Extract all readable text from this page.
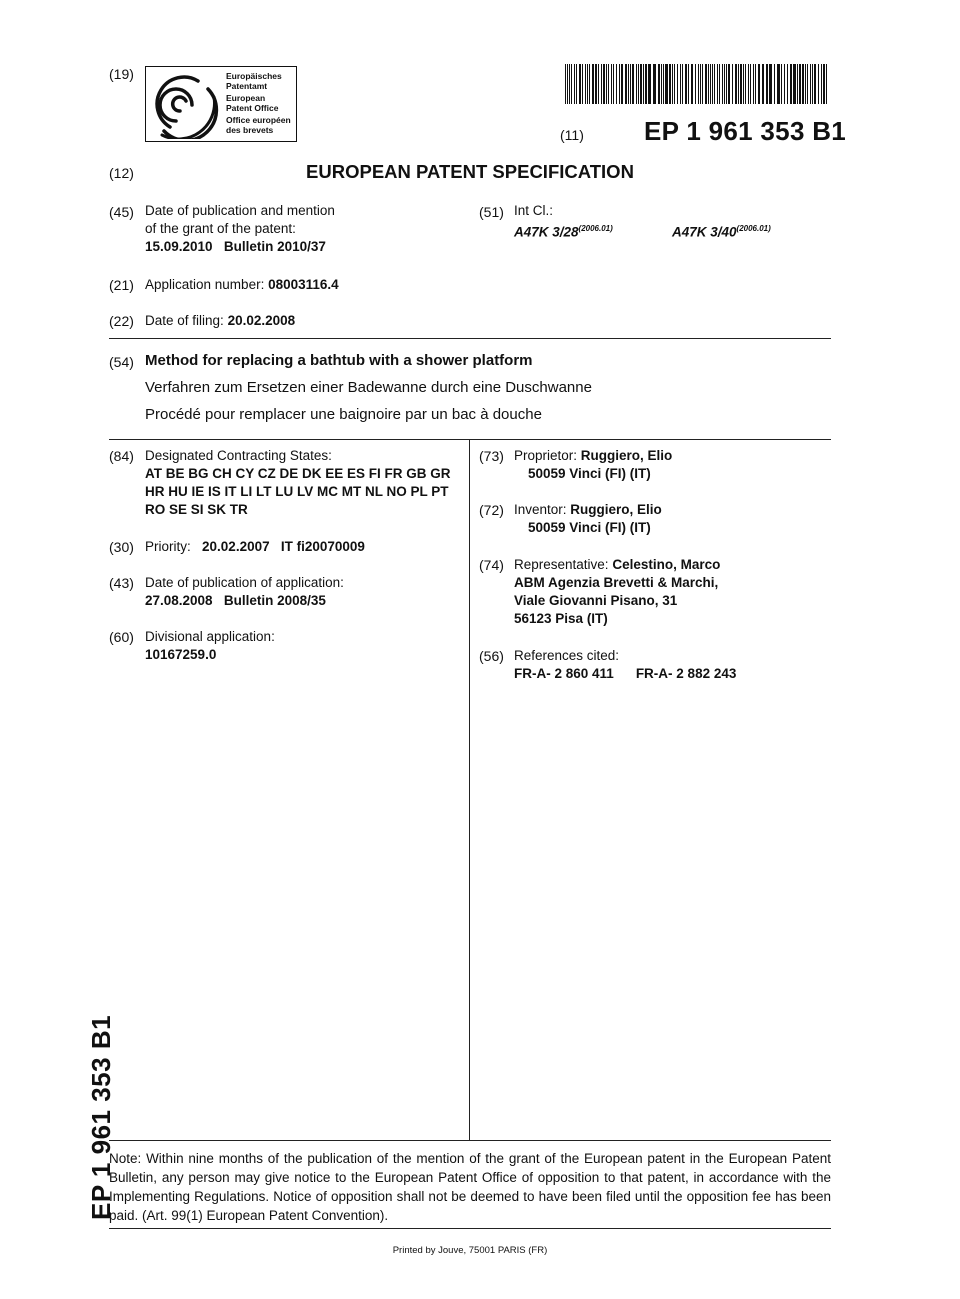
(19)	Europäisches
Patentamt
European
Patent Office
Office européen
des brevets	(11) EP 1 961 353 B1
(12)	EUROPEAN PATENT SPECIFICATION
(45) Date of publication and mention
of the grant of the patent:
15.09.2010 Bulletin 2010/37
(51) Int Cl.:
A47K $3/28^{(2006.01)}$	A47K $3/40^{(2006.01)}$
(21) Application number: 08003116.4
(22) Date of filing: 20.02.2008
(54) Method for replacing a bathtub with a shower platform
Verfahren zum Ersetzen einer Badewanne durch eine Duschwanne
Procédé pour remplacer une baignoire par un bac à douche
(84) Designated Contracting States:
AT BE BG CH CY CZ DE DK EE ES FI FR GB GR
HR HU IE IS IT LI LT LU LV MC MT NL NO PL PT
RO SE SI SK TR
(30) Priority: 20.02.2007 IT fi20070009
(43) Date of publication of application:
27.08.2008 Bulletin 2008/35
(60) Divisional application:
10167259.0
(73) Proprietor: Ruggiero, Elio
50059 Vinci (FI) (IT)
(72) Inventor: Ruggiero, Elio
50059 Vinci (FI) (IT)
(74) Representative: Celestino, Marco
ABM Agenzia Brevetti & Marchi,
Viale Giovanni Pisano, 31
56123 Pisa (IT)
(56) References cited:
FR-A- 2 860 411 FR-A- 2 882 243
EP 1 961 353 B1
Note: Within nine months of the publication of the mention of the grant of the European patent in the European Patent Bulletin, any person may give notice to the European Patent Office of opposition to that patent, in accordance with the Implementing Regulations. Notice of opposition shall not be deemed to have been filed until the opposition fee has been paid. (Art. 99(1) European Patent Convention).
Printed by Jouve, 75001 PARIS (FR)
